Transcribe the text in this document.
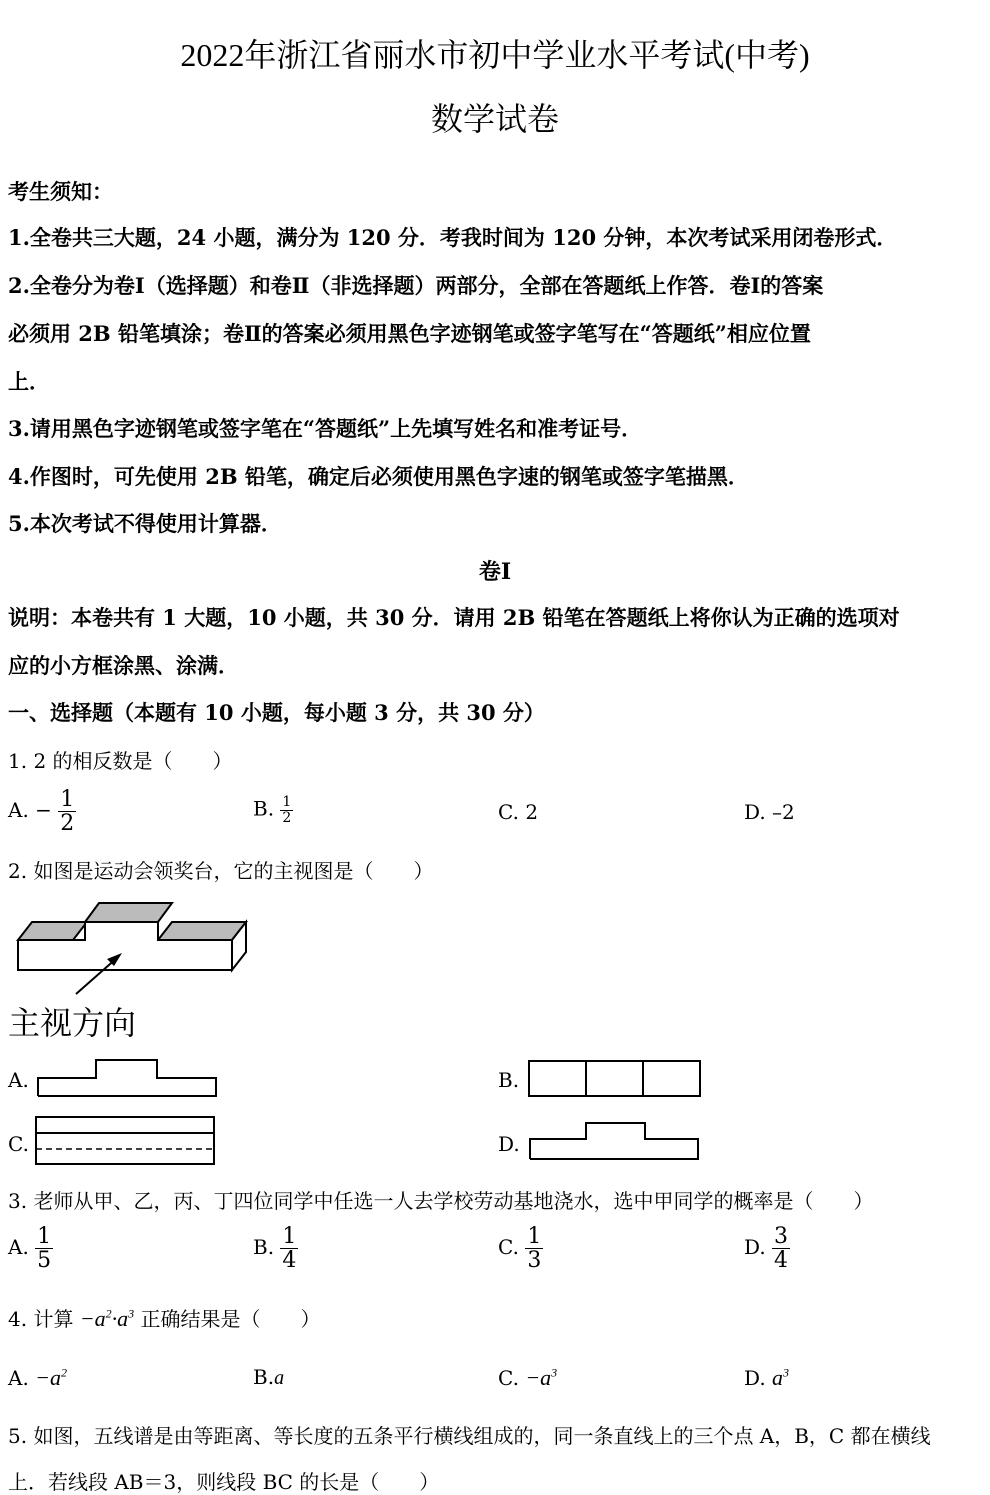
2022年浙江省丽水市初中学业水平考试(中考)
数学试卷
考生须知：
1.全卷共三大题，24 小题，满分为 120 分．考我时间为 120 分钟，本次考试采用闭卷形式．
2.全卷分为卷Ⅰ（选择题）和卷Ⅱ（非选择题）两部分，全部在答题纸上作答．卷Ⅰ的答案
必须用 2B 铅笔填涂；卷Ⅱ的答案必须用黑色字迹钢笔或签字笔写在“答题纸”相应位置
上．
3.请用黑色字迹钢笔或签字笔在“答题纸”上先填写姓名和准考证号．
4.作图时，可先使用 2B 铅笔，确定后必须使用黑色字速的钢笔或签字笔描黑．
5.本次考试不得使用计算器．
卷Ⅰ
说明：本卷共有 1 大题，10 小题，共 30 分．请用 2B 铅笔在答题纸上将你认为正确的选项对
应的小方框涂黑、涂满．
一、选择题（本题有 10 小题，每小题 3 分，共 30 分）
1. 2 的相反数是（　　）
A. − $\frac{1}{2}$	B. $\frac{1}{2}$	C. 2	D. –2
2. 如图是运动会领奖台，它的主视图是（　　）
主视方向
A.	B.
C.	D.
3. 老师从甲、乙，丙、丁四位同学中任选一人去学校劳动基地浇水，选中甲同学的概率是（　　）
A. $\frac{1}{5}$	B. $\frac{1}{4}$	C. $\frac{1}{3}$	D. $\frac{3}{4}$
4. 计算 $-a^2\cdot a^3$ 正确结果是（　　）
A. $-a^2$	B.a	C. $-a^3$	D. $a^3$
5. 如图，五线谱是由等距离、等长度的五条平行横线组成的，同一条直线上的三个点 A，B，C 都在横线
上．若线段 AB＝3，则线段 BC 的长是（　　）
